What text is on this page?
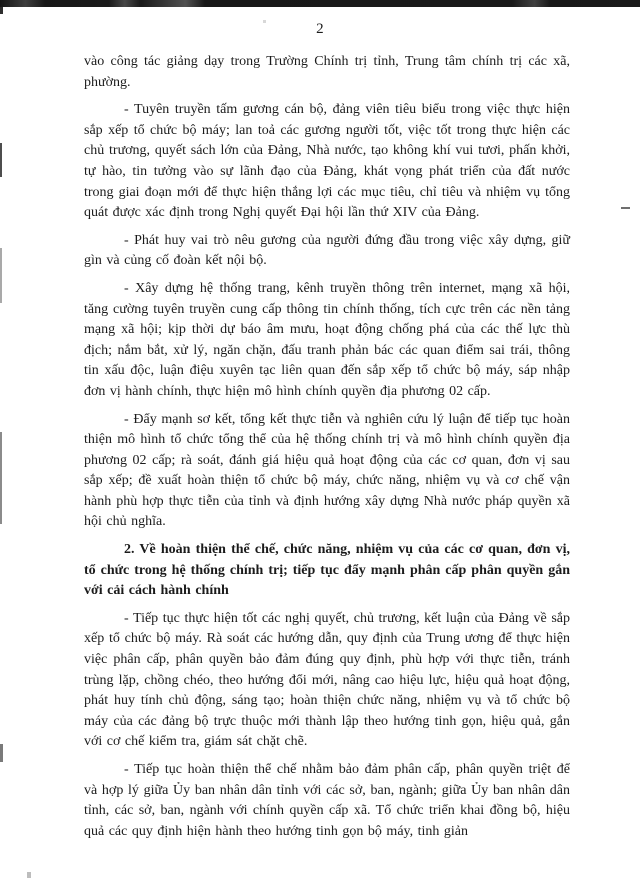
2

vào công tác giảng dạy trong Trường Chính trị tỉnh, Trung tâm chính trị các xã, phường.

- Tuyên truyền tấm gương cán bộ, đảng viên tiêu biểu trong việc thực hiện sắp xếp tổ chức bộ máy; lan toả các gương người tốt, việc tốt trong thực hiện các chủ trương, quyết sách lớn của Đảng, Nhà nước, tạo không khí vui tươi, phấn khởi, tự hào, tin tưởng vào sự lãnh đạo của Đảng, khát vọng phát triển của đất nước trong giai đoạn mới để thực hiện thắng lợi các mục tiêu, chỉ tiêu và nhiệm vụ tổng quát được xác định trong Nghị quyết Đại hội lần thứ XIV của Đảng.

- Phát huy vai trò nêu gương của người đứng đầu trong việc xây dựng, giữ gìn và củng cố đoàn kết nội bộ.

- Xây dựng hệ thống trang, kênh truyền thông trên internet, mạng xã hội, tăng cường tuyên truyền cung cấp thông tin chính thống, tích cực trên các nền tảng mạng xã hội; kịp thời dự báo âm mưu, hoạt động chống phá của các thế lực thù địch; nắm bắt, xử lý, ngăn chặn, đấu tranh phản bác các quan điểm sai trái, thông tin xấu độc, luận điệu xuyên tạc liên quan đến sắp xếp tổ chức bộ máy, sáp nhập đơn vị hành chính, thực hiện mô hình chính quyền địa phương 02 cấp.

- Đẩy mạnh sơ kết, tổng kết thực tiễn và nghiên cứu lý luận để tiếp tục hoàn thiện mô hình tổ chức tổng thể của hệ thống chính trị và mô hình chính quyền địa phương 02 cấp; rà soát, đánh giá hiệu quả hoạt động của các cơ quan, đơn vị sau sắp xếp; đề xuất hoàn thiện tổ chức bộ máy, chức năng, nhiệm vụ và cơ chế vận hành phù hợp thực tiễn của tỉnh và định hướng xây dựng Nhà nước pháp quyền xã hội chủ nghĩa.

2. Về hoàn thiện thể chế, chức năng, nhiệm vụ của các cơ quan, đơn vị, tổ chức trong hệ thống chính trị; tiếp tục đẩy mạnh phân cấp phân quyền gắn với cải cách hành chính

- Tiếp tục thực hiện tốt các nghị quyết, chủ trương, kết luận của Đảng về sắp xếp tổ chức bộ máy. Rà soát các hướng dẫn, quy định của Trung ương để thực hiện việc phân cấp, phân quyền bảo đảm đúng quy định, phù hợp với thực tiễn, tránh trùng lặp, chồng chéo, theo hướng đổi mới, nâng cao hiệu lực, hiệu quả hoạt động, phát huy tính chủ động, sáng tạo; hoàn thiện chức năng, nhiệm vụ và tổ chức bộ máy của các đảng bộ trực thuộc mới thành lập theo hướng tinh gọn, hiệu quả, gắn với cơ chế kiểm tra, giám sát chặt chẽ.

- Tiếp tục hoàn thiện thể chế nhằm bảo đảm phân cấp, phân quyền triệt để và hợp lý giữa Ủy ban nhân dân tỉnh với các sở, ban, ngành; giữa Ủy ban nhân dân tỉnh, các sở, ban, ngành với chính quyền cấp xã. Tổ chức triển khai đồng bộ, hiệu quả các quy định hiện hành theo hướng tinh gọn bộ máy, tinh giản
